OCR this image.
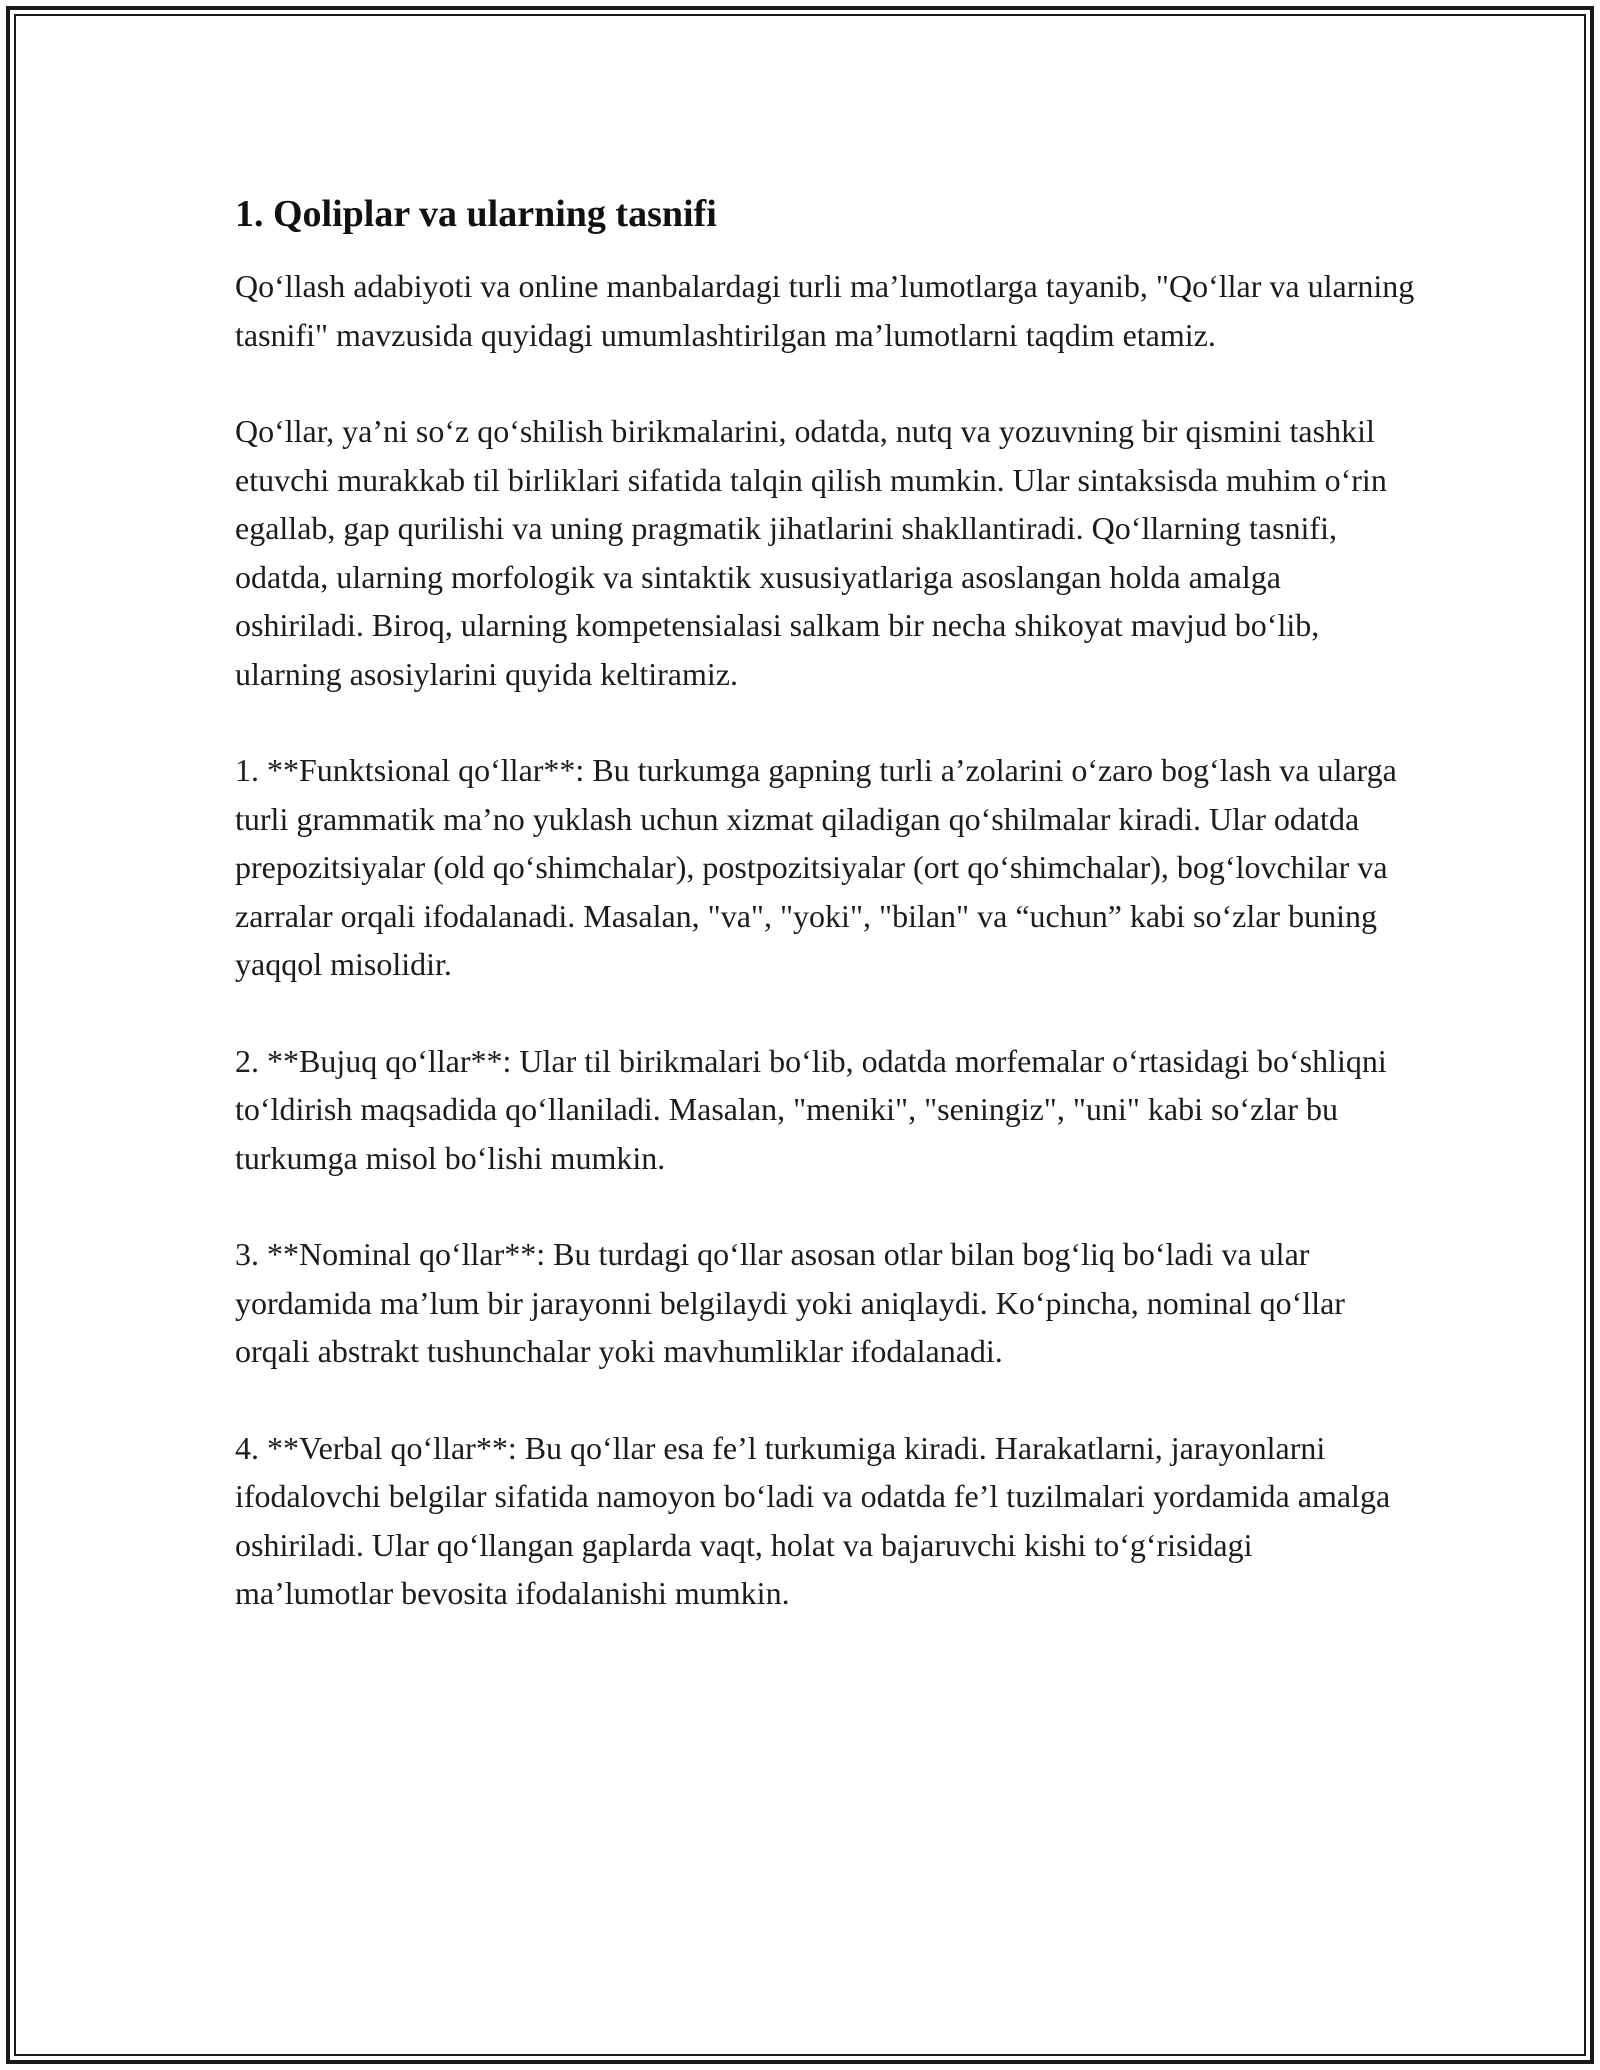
1. Qoliplar va ularning tasnifi

Qo‘llash adabiyoti va online manbalardagi turli ma’lumotlarga tayanib, "Qo‘llar va ularning tasnifi" mavzusida quyidagi umumlashtirilgan ma’lumotlarni taqdim etamiz.

Qo‘llar, ya’ni so‘z qo‘shilish birikmalarini, odatda, nutq va yozuvning bir qismini tashkil etuvchi murakkab til birliklari sifatida talqin qilish mumkin. Ular sintaksisda muhim o‘rin egallab, gap qurilishi va uning pragmatik jihatlarini shakllantiradi. Qo‘llarning tasnifi, odatda, ularning morfologik va sintaktik xususiyatlariga asoslangan holda amalga oshiriladi. Biroq, ularning kompetensialasi salkam bir necha shikoyat mavjud bo‘lib, ularning asosiylarini quyida keltiramiz.

1. **Funktsional qo‘llar**: Bu turkumga gapning turli a’zolarini o‘zaro bog‘lash va ularga turli grammatik ma’no yuklash uchun xizmat qiladigan qo‘shilmalar kiradi. Ular odatda prepozitsiyalar (old qo‘shimchalar), postpozitsiyalar (ort qo‘shimchalar), bog‘lovchilar va zarralar orqali ifodalanadi. Masalan, "va", "yoki", "bilan" va “uchun” kabi so‘zlar buning yaqqol misolidir.

2. **Bujuq qo‘llar**: Ular til birikmalari bo‘lib, odatda morfemalar o‘rtasidagi bo‘shliqni to‘ldirish maqsadida qo‘llaniladi. Masalan, "meniki", "seningiz", "uni" kabi so‘zlar bu turkumga misol bo‘lishi mumkin.

3. **Nominal qo‘llar**: Bu turdagi qo‘llar asosan otlar bilan bog‘liq bo‘ladi va ular yordamida ma’lum bir jarayonni belgilaydi yoki aniqlaydi. Ko‘pincha, nominal qo‘llar orqali abstrakt tushunchalar yoki mavhumliklar ifodalanadi.

4. **Verbal qo‘llar**: Bu qo‘llar esa fe’l turkumiga kiradi. Harakatlarni, jarayonlarni ifodalovchi belgilar sifatida namoyon bo‘ladi va odatda fe’l tuzilmalari yordamida amalga oshiriladi. Ular qo‘llangan gaplarda vaqt, holat va bajaruvchi kishi to‘g‘risidagi ma’lumotlar bevosita ifodalanishi mumkin.
